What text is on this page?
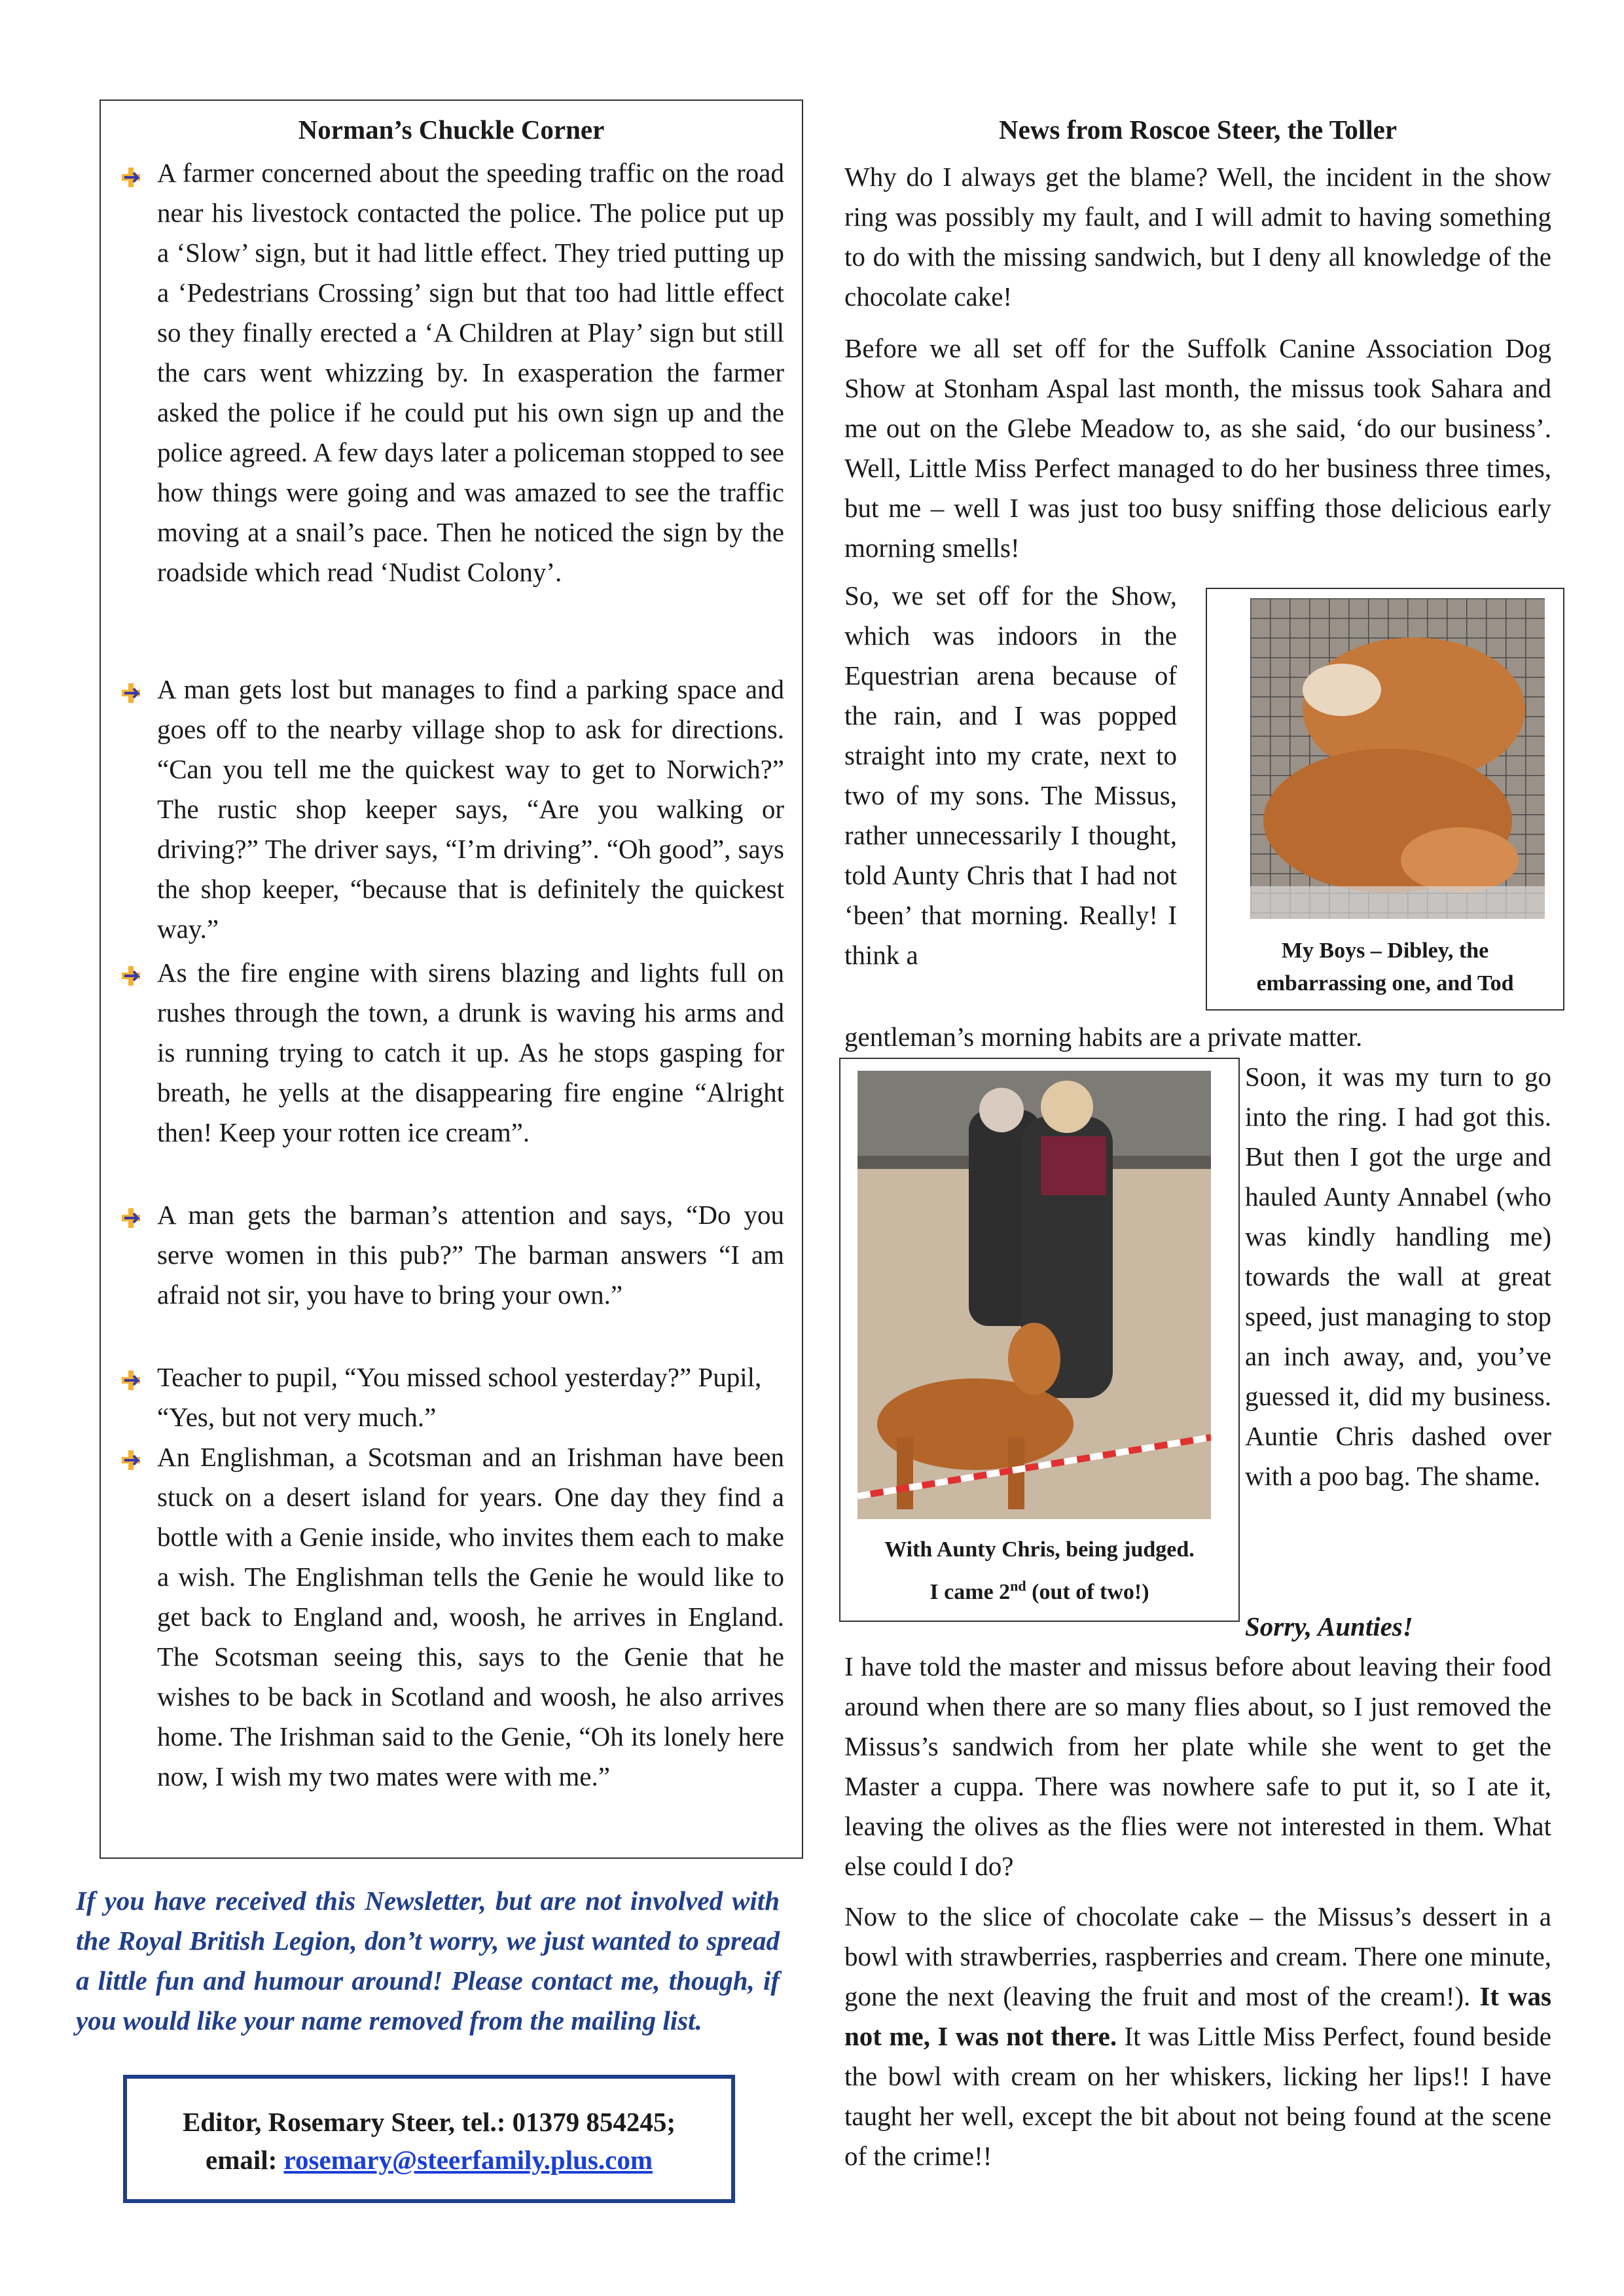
Norman’s Chuckle Corner

A farmer concerned about the speeding traffic on the road near his livestock contacted the police. The police put up a ‘Slow’ sign, but it had little effect. They tried putting up a ‘Pedestrians Crossing’ sign but that too had little effect so they finally erected a ‘A Children at Play’ sign but still the cars went whizzing by. In exasperation the farmer asked the police if he could put his own sign up and the police agreed. A few days later a policeman stopped to see how things were going and was amazed to see the traffic moving at a snail’s pace. Then he noticed the sign by the roadside which read ‘Nudist Colony’.

A man gets lost but manages to find a parking space and goes off to the nearby village shop to ask for directions. “Can you tell me the quickest way to get to Norwich?” The rustic shop keeper says, “Are you walking or driving?” The driver says, “I’m driving”. “Oh good”, says the shop keeper, “because that is definitely the quickest way.”

As the fire engine with sirens blazing and lights full on rushes through the town, a drunk is waving his arms and is running trying to catch it up. As he stops gasping for breath, he yells at the disappearing fire engine “Alright then! Keep your rotten ice cream”.

A man gets the barman’s attention and says, “Do you serve women in this pub?” The barman answers “I am afraid not sir, you have to bring your own.”

Teacher to pupil, “You missed school yesterday?” Pupil, “Yes, but not very much.”

An Englishman, a Scotsman and an Irishman have been stuck on a desert island for years. One day they find a bottle with a Genie inside, who invites them each to make a wish. The Englishman tells the Genie he would like to get back to England and, woosh, he arrives in England. The Scotsman seeing this, says to the Genie that he wishes to be back in Scotland and woosh, he also arrives home. The Irishman said to the Genie, “Oh its lonely here now, I wish my two mates were with me.”

If you have received this Newsletter, but are not involved with the Royal British Legion, don’t worry, we just wanted to spread a little fun and humour around! Please contact me, though, if you would like your name removed from the mailing list.

Editor, Rosemary Steer, tel.: 01379 854245;
email: rosemary@steerfamily.plus.com
News from Roscoe Steer, the Toller

Why do I always get the blame? Well, the incident in the show ring was possibly my fault, and I will admit to having something to do with the missing sandwich, but I deny all knowledge of the chocolate cake!

Before we all set off for the Suffolk Canine Association Dog Show at Stonham Aspal last month, the missus took Sahara and me out on the Glebe Meadow to, as she said, ‘do our business’. Well, Little Miss Perfect managed to do her business three times, but me – well I was just too busy sniffing those delicious early morning smells!

So, we set off for the Show, which was indoors in the Equestrian arena because of the rain, and I was popped straight into my crate, next to two of my sons. The Missus, rather unnecessarily I thought, told Aunty Chris that I had not ‘been’ that morning. Really! I think a

gentleman’s morning habits are a private matter.

My Boys – Dibley, the
embarrassing one, and Tod
With Aunty Chris, being judged.
I came 2nd (out of two!)

Soon, it was my turn to go into the ring. I had got this. But then I got the urge and hauled Aunty Annabel (who was kindly handling me) towards the wall at great speed, just managing to stop an inch away, and, you’ve guessed it, did my business. Auntie Chris dashed over with a poo bag. The shame.

Sorry, Aunties!

I have told the master and missus before about leaving their food around when there are so many flies about, so I just removed the Missus’s sandwich from her plate while she went to get the Master a cuppa. There was nowhere safe to put it, so I ate it, leaving the olives as the flies were not interested in them. What else could I do?

Now to the slice of chocolate cake – the Missus’s dessert in a bowl with strawberries, raspberries and cream. There one minute, gone the next (leaving the fruit and most of the cream!). It was not me, I was not there. It was Little Miss Perfect, found beside the bowl with cream on her whiskers, licking her lips!! I have taught her well, except the bit about not being found at the scene of the crime!!
